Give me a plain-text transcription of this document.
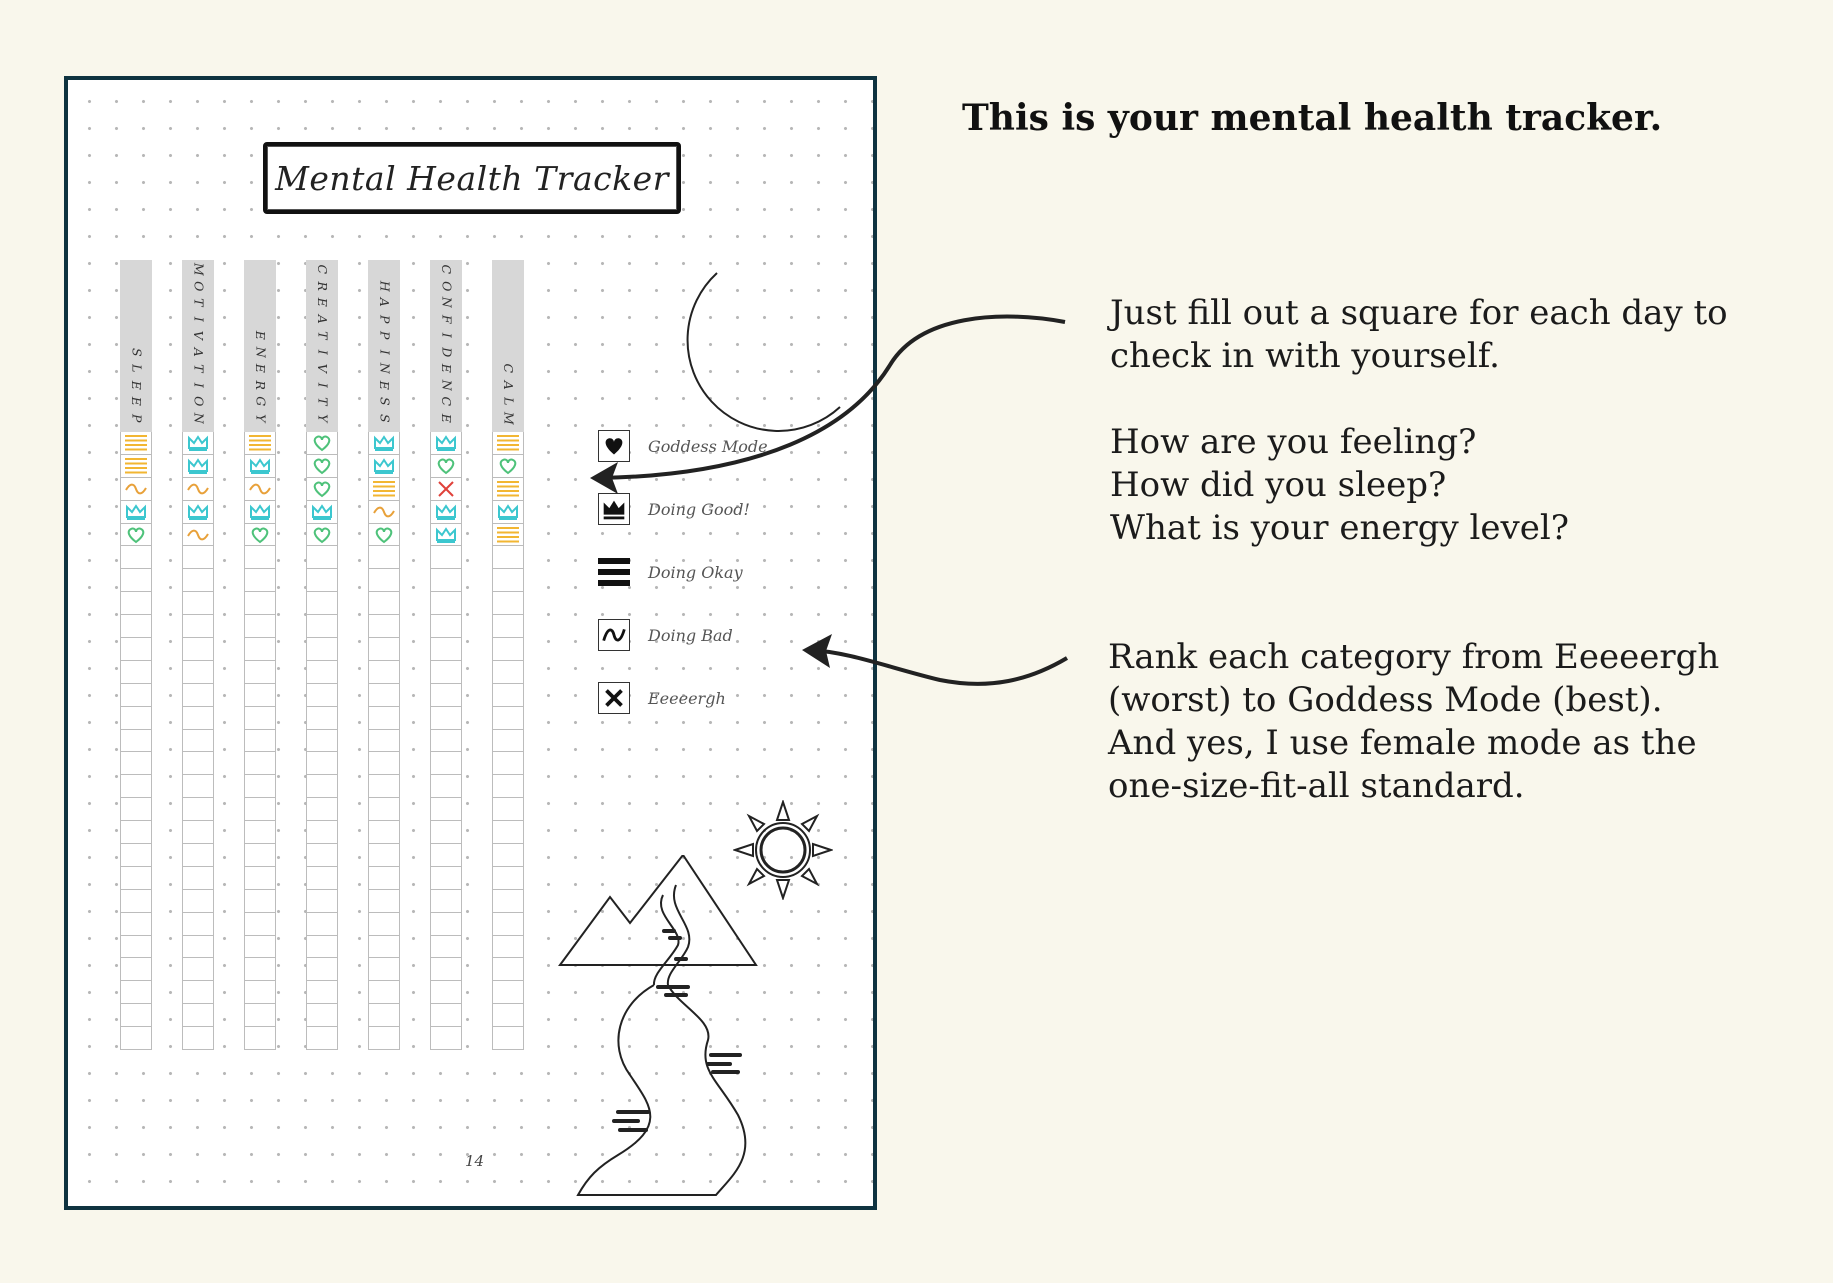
Mental Health Tracker
S
L
E
E
P
M
O
T
I
V
A
T
I
O
N
E
N
E
R
G
Y
C
R
E
A
T
I
V
I
T
Y
H
A
P
P
I
N
E
S
S
C
O
N
F
I
D
E
N
C
E
C
A
L
M
Goddess Mode
Doing Good!
Doing Okay
Doing Bad
Eeeeergh
14
This is your mental health tracker.
Just fill out a square for each day to
check in with yourself.

How are you feeling?
How did you sleep?
What is your energy level?
Rank each category from Eeeeergh
(worst) to Goddess Mode (best).
And yes, I use female mode as the
one-size-fit-all standard.
